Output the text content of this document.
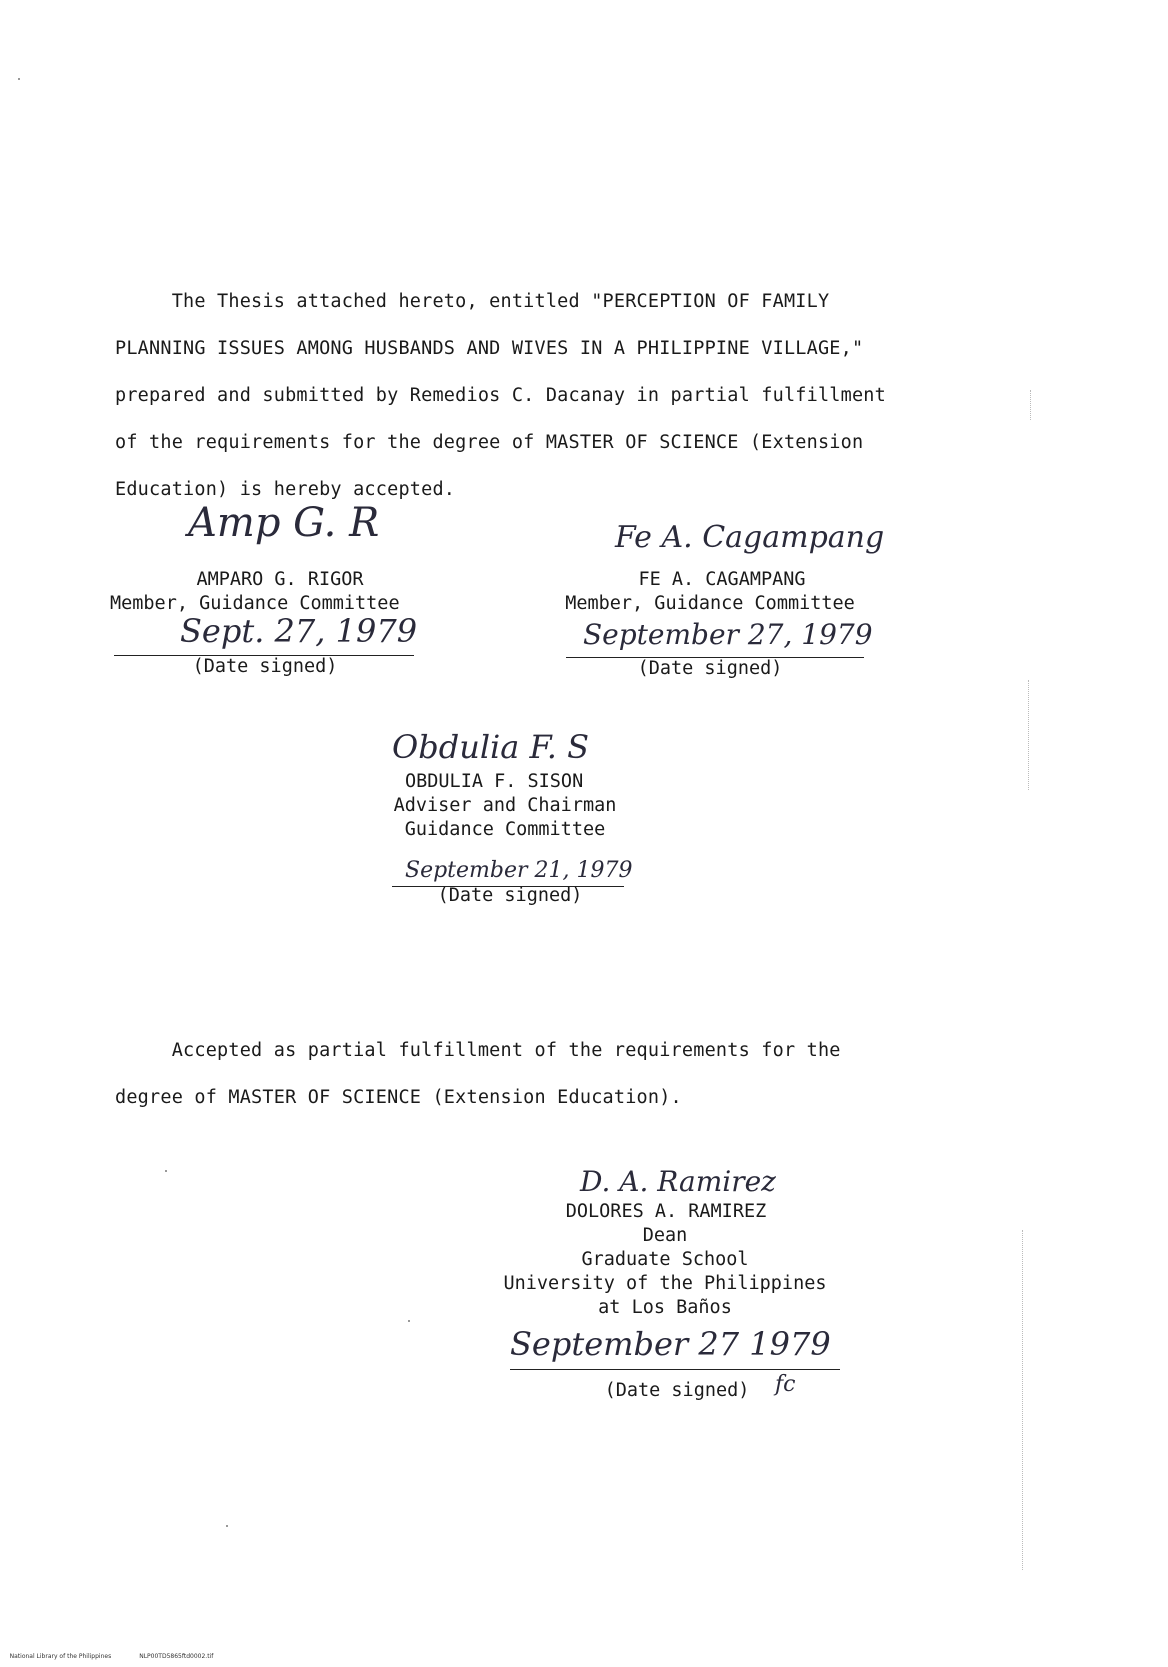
The Thesis attached hereto, entitled "PERCEPTION OF FAMILY
PLANNING ISSUES AMONG HUSBANDS AND WIVES IN A PHILIPPINE VILLAGE,"
prepared and submitted by Remedios C. Dacanay in partial fulfillment
of the requirements for the degree of MASTER OF SCIENCE (Extension
Education) is hereby accepted.
Amp G. R
AMPARO G. RIGOR
Member, Guidance Committee
Sept. 27, 1979
(Date signed)
Fe A. Cagampang
FE A. CAGAMPANG
Member, Guidance Committee
September 27, 1979
(Date signed)
Obdulia F. S
OBDULIA F. SISON
Adviser and Chairman
Guidance Committee
September 21, 1979
(Date signed)
Accepted as partial fulfillment of the requirements for the
degree of MASTER OF SCIENCE (Extension Education).
D. A. Ramirez
DOLORES A. RAMIREZ
Dean
Graduate School
University of the Philippines
at Los Baños
September 27 1979
(Date signed)	fc

National Library of the Philippines	NLP00TD5865ftd0002.tif
